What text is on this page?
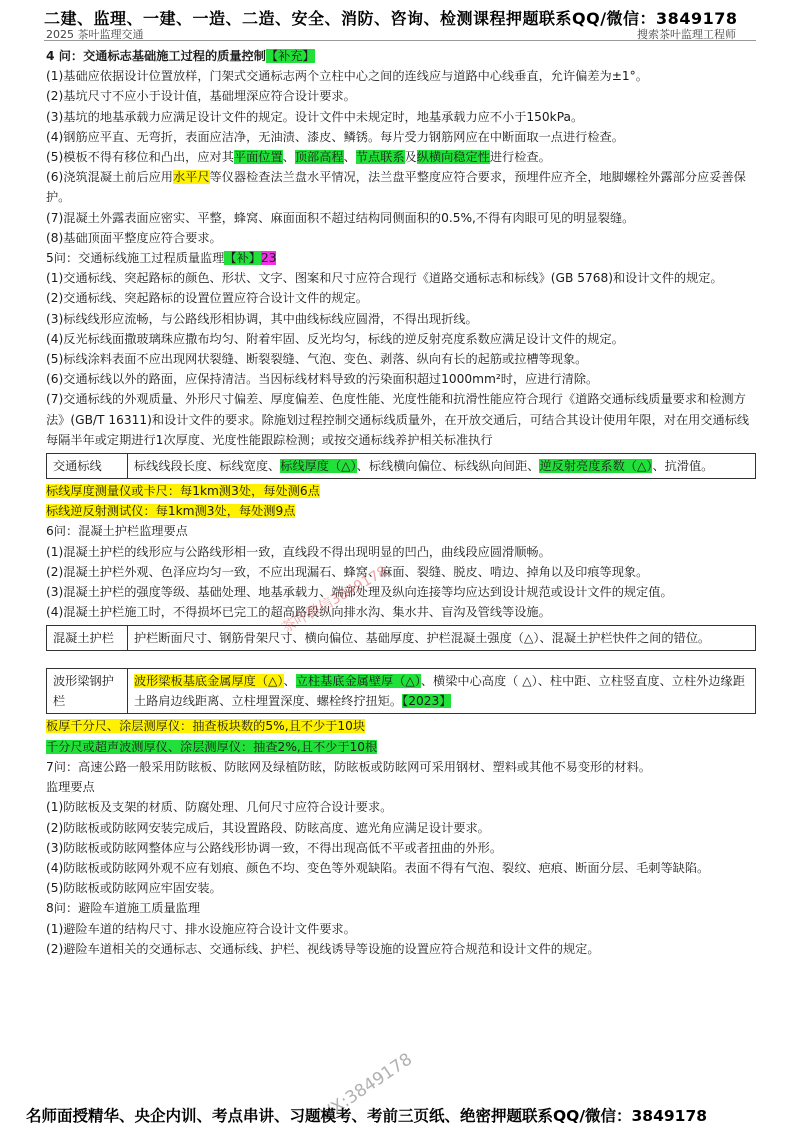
二建、监理、一建、一造、二造、安全、消防、咨询、检测课程押题联系QQ/微信：3849178
2025 茶叶监理交通	搜索茶叶监理工程师

4 问：交通标志基础施工过程的质量控制【补充】

(1)基础应依据设计位置放样，门架式交通标志两个立柱中心之间的连线应与道路中心线垂直，允许偏差为±1°。

(2)基坑尺寸不应小于设计值，基础埋深应符合设计要求。

(3)基坑的地基承载力应满足设计文件的规定。设计文件中未规定时，地基承载力应不小于150kPa。

(4)钢筋应平直、无弯折，表面应洁净，无油渍、漆皮、鳞锈。每片受力钢筋网应在中断面取一点进行检查。

(5)模板不得有移位和凸出，应对其平面位置、顶部高程、节点联系及纵横向稳定性进行检查。

(6)浇筑混凝土前后应用水平尺等仪器检查法兰盘水平情况，法兰盘平整度应符合要求，预埋件应齐全，地脚螺栓外露部分应妥善保护。

(7)混凝土外露表面应密实、平整，蜂窝、麻面面积不超过结构同侧面积的0.5%,不得有肉眼可见的明显裂缝。

(8)基础顶面平整度应符合要求。

5问：交通标线施工过程质量监理【补】23

(1)交通标线、突起路标的颜色、形状、文字、图案和尺寸应符合现行《道路交通标志和标线》(GB 5768)和设计文件的规定。

(2)交通标线、突起路标的设置位置应符合设计文件的规定。

(3)标线线形应流畅，与公路线形相协调，其中曲线标线应圆滑，不得出现折线。

(4)反光标线面撒玻璃珠应撒布均匀、附着牢固、反光均匀，标线的逆反射亮度系数应满足设计文件的规定。

(5)标线涂料表面不应出现网状裂缝、断裂裂缝、气泡、变色、剥落、纵向有长的起筋或拉槽等现象。

(6)交通标线以外的路面，应保持清洁。当因标线材料导致的污染面积超过1000mm²时，应进行清除。

(7)交通标线的外观质量、外形尺寸偏差、厚度偏差、色度性能、光度性能和抗滑性能应符合现行《道路交通标线质量要求和检测方法》(GB/T 16311)和设计文件的要求。除施划过程控制交通标线质量外，在开放交通后，可结合其设计使用年限，对在用交通标线每隔半年或定期进行1次厚度、光度性能跟踪检测；或按交通标线养护相关标准执行

交通标线	标线线段长度、标线宽度、标线厚度（△）、标线横向偏位、标线纵向间距、逆反射亮度系数（△）、抗滑值。

标线厚度测量仪或卡尺：每1km测3处，每处测6点

标线逆反射测试仪：每1km测3处，每处测9点

6问：混凝土护栏监理要点

(1)混凝土护栏的线形应与公路线形相一致，直线段不得出现明显的凹凸，曲线段应圆滑顺畅。

(2)混凝土护栏外观、色泽应均匀一致，不应出现漏石、蜂窝、麻面、裂缝、脱皮、啃边、掉角以及印痕等现象。

(3)混凝土护栏的强度等级、基础处理、地基承载力、端部处理及纵向连接等均应达到设计规范或设计文件的规定值。

(4)混凝土护栏施工时，不得损坏已完工的超高路段纵向排水沟、集水井、盲沟及管线等设施。

混凝土护栏	护栏断面尺寸、钢筋骨架尺寸、横向偏位、基础厚度、护栏混凝土强度（△）、混凝土护栏快件之间的错位。
波形梁钢护栏	波形梁板基底金属厚度（△）、立柱基底金属壁厚（△）、横梁中心高度（ △）、柱中距、立柱竖直度、立柱外边缘距土路肩边线距离、立柱埋置深度、螺栓终拧扭矩。【2023】

板厚千分尺、涂层测厚仪：抽查板块数的5%,且不少于10块

千分尺或超声波测厚仪、涂层测厚仪：抽查2%,且不少于10根

7问：高速公路一般采用防眩板、防眩网及绿植防眩，防眩板或防眩网可采用钢材、塑料或其他不易变形的材料。

监理要点

(1)防眩板及支架的材质、防腐处理、几何尺寸应符合设计要求。

(2)防眩板或防眩网安装完成后，其设置路段、防眩高度、遮光角应满足设计要求。

(3)防眩板或防眩网整体应与公路线形协调一致，不得出现高低不平或者扭曲的外形。

(4)防眩板或防眩网外观不应有划痕、颜色不均、变色等外观缺陷。表面不得有气泡、裂纹、疤痕、断面分层、毛刺等缺陷。

(5)防眩板或防眩网应牢固安装。

8问：避险车道施工质量监理

(1)避险车道的结构尺寸、排水设施应符合设计文件要求。

(2)避险车道相关的交通标志、交通标线、护栏、视线诱导等设施的设置应符合规范和设计文件的规定。

茶叶微信3849178
VX:3849178
名师面授精华、央企内训、考点串讲、习题模考、考前三页纸、绝密押题联系QQ/微信：3849178
